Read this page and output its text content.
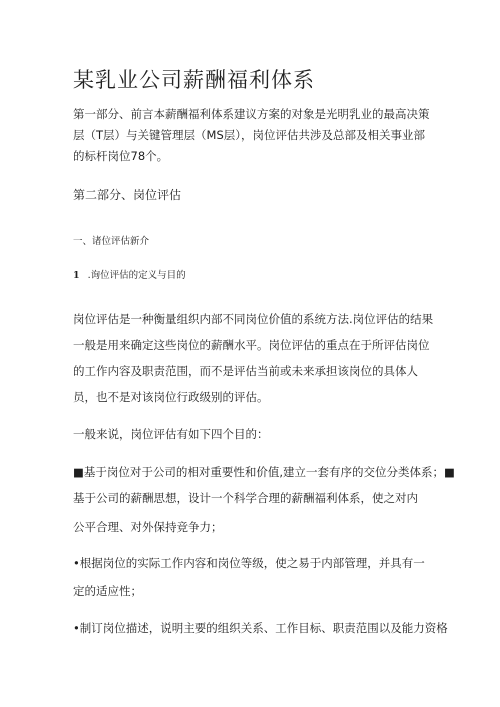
某乳业公司薪酬福利体系
第一部分、前言本薪酬福利体系建议方案的对象是光明乳业的最高决策层（T层）与关键管理层（MS层），岗位评估共涉及总部及相关事业部的标杆岗位78个。
第二部分、岗位评估
一、诸位评估新介
1 .询位评估的定义与目的
岗位评估是一种衡量组织内部不同岗位价值的系统方法.岗位评估的结果一般是用来确定这些岗位的薪酬水平。岗位评估的重点在于所评估岗位的工作内容及职责范围，而不是评估当前或未来承担该岗位的具体人员，也不是对该岗位行政级别的评估。
一般来说，岗位评估有如下四个目的：
■基于岗位对于公司的相对重要性和价值,建立一套有序的交位分类体系；■
基于公司的薪酬思想，设计一个科学合理的薪酬福利体系，使之对内
公平合理、对外保持竞争力；
•根据岗位的实际工作内容和岗位等级，使之易于内部管理，并具有一
定的适应性；
•制订岗位描述，说明主要的组织关系、工作目标、职责范围以及能力资格
